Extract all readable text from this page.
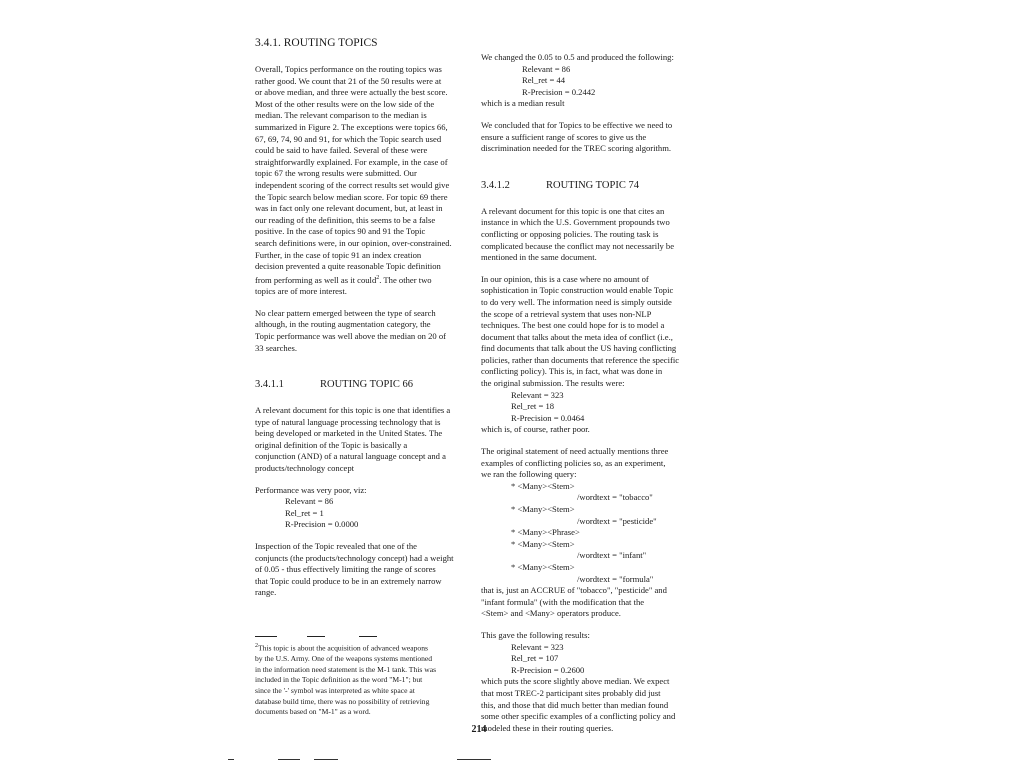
3.4.1. ROUTING TOPICS

Overall, Topics performance on the routing topics was

rather good. We count that 21 of the 50 results were at

or above median, and three were actually the best score.

Most of the other results were on the low side of the

median. The relevant comparison to the median is

summarized in Figure 2. The exceptions were topics 66,

67, 69, 74, 90 and 91, for which the Topic search used

could be said to have failed. Several of these were

straightforwardly explained. For example, in the case of

topic 67 the wrong results were submitted. Our

independent scoring of the correct results set would give

the Topic search below median score. For topic 69 there

was in fact only one relevant document, but, at least in

our reading of the definition, this seems to be a false

positive. In the case of topics 90 and 91 the Topic

search definitions were, in our opinion, over-constrained.

Further, in the case of topic 91 an index creation

decision prevented a quite reasonable Topic definition

from performing as well as it could$^2$. The other two

topics are of more interest.

No clear pattern emerged between the type of search

although, in the routing augmentation category, the

Topic performance was well above the median on 20 of

33 searches.

3.4.1.1	ROUTING TOPIC 66

A relevant document for this topic is one that identifies a

type of natural language processing technology that is

being developed or marketed in the United States. The

original definition of the Topic is basically a

conjunction (AND) of a natural language concept and a

products/technology concept

Performance was very poor, viz:

Relevant = 86

Rel_ret = 1

R-Precision = 0.0000

Inspection of the Topic revealed that one of the

conjuncts (the products/technology concept) had a weight

of 0.05 - thus effectively limiting the range of scores

that Topic could produce to be in an extremely narrow

range.

$^2$This topic is about the acquisition of advanced weapons

by the U.S. Army. One of the weapons systems mentioned

in the information need statement is the M-1 tank. This was

included in the Topic definition as the word "M-1"; but

since the '-' symbol was interpreted as white space at

database build time, there was no possibility of retrieving

documents based on "M-1" as a word.

We changed the 0.05 to 0.5 and produced the following:

Relevant = 86

Rel_ret = 44

R-Precision = 0.2442

which is a median result

We concluded that for Topics to be effective we need to

ensure a sufficient range of scores to give us the

discrimination needed for the TREC scoring algorithm.

3.4.1.2	ROUTING TOPIC 74

A relevant document for this topic is one that cites an

instance in which the U.S. Government propounds two

conflicting or opposing policies. The routing task is

complicated because the conflict may not necessarily be

mentioned in the same document.

In our opinion, this is a case where no amount of

sophistication in Topic construction would enable Topic

to do very well. The information need is simply outside

the scope of a retrieval system that uses non-NLP

techniques. The best one could hope for is to model a

document that talks about the meta idea of conflict (i.e.,

find documents that talk about the US having conflicting

policies, rather than documents that reference the specific

conflicting policy). This is, in fact, what was done in

the original submission. The results were:

Relevant = 323

Rel_ret = 18

R-Precision = 0.0464

which is, of course, rather poor.

The original statement of need actually mentions three

examples of conflicting policies so, as an experiment,

we ran the following query:

* <Many><Stem>

/wordtext = "tobacco"

* <Many><Stem>

/wordtext = "pesticide"

* <Many><Phrase>

* <Many><Stem>

/wordtext = "infant"

* <Many><Stem>

/wordtext = "formula"

that is, just an ACCRUE of "tobacco", "pesticide" and

"infant formula" (with the modification that the

<Stem> and <Many> operators produce.

This gave the following results:

Relevant = 323

Rel_ret = 107

R-Precision = 0.2600

which puts the score slightly above median. We expect

that most TREC-2 participant sites probably did just

this, and those that did much better than median found

some other specific examples of a conflicting policy and

modeled these in their routing queries.

214
